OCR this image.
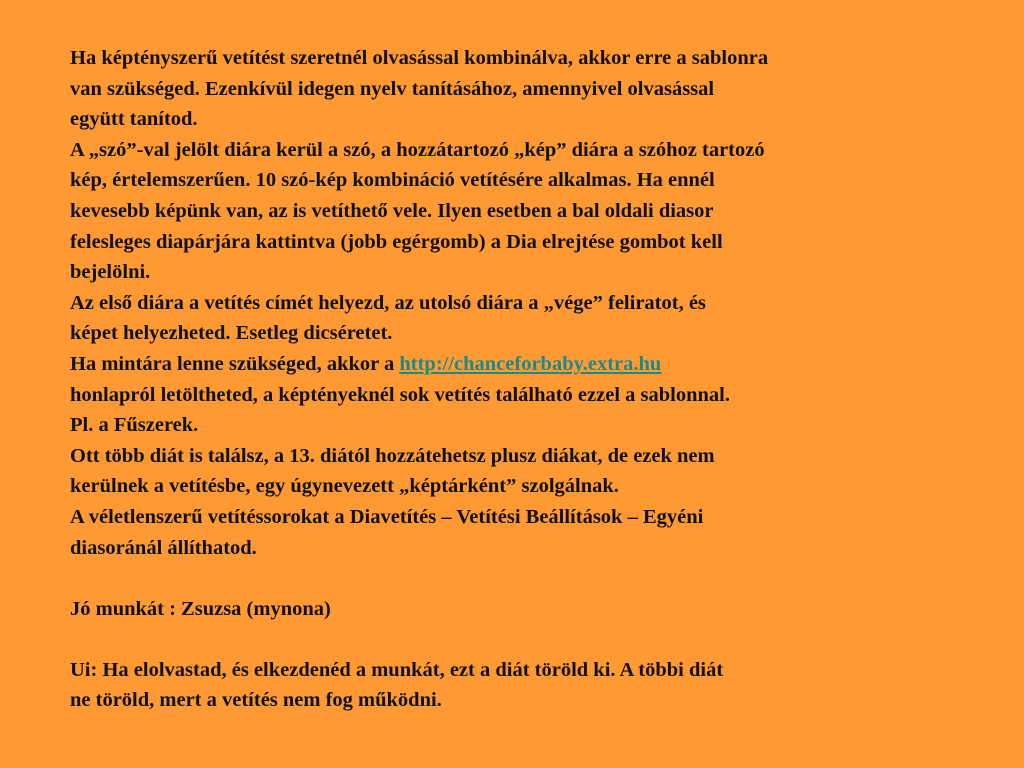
Ha képtényszerű vetítést szeretnél olvasással kombinálva, akkor erre a sablonra
van szükséged. Ezenkívül idegen nyelv tanításához, amennyivel olvasással
együtt tanítod.
A „szó”-val jelölt diára kerül a szó, a hozzátartozó „kép” diára a szóhoz tartozó
kép, értelemszerűen. 10 szó-kép kombináció vetítésére alkalmas. Ha ennél
kevesebb képünk van, az is vetíthető vele. Ilyen esetben a bal oldali diasor
felesleges diapárjára kattintva (jobb egérgomb) a Dia elrejtése gombot kell
bejelölni.
Az első diára a vetítés címét helyezd, az utolsó diára a „vége” feliratot, és
képet helyezheted. Esetleg dicséretet.
Ha mintára lenne szükséged, akkor a http://chanceforbaby.extra.hu
honlapról letöltheted, a képtényeknél sok vetítés található ezzel a sablonnal.
Pl. a Fűszerek.
Ott több diát is találsz, a 13. diától hozzátehetsz plusz diákat, de ezek nem
kerülnek a vetítésbe, egy úgynevezett „képtárként” szolgálnak.
A véletlenszerű vetítéssorokat a Diavetítés – Vetítési Beállítások – Egyéni
diasoránál állíthatod.
Jó munkát : Zsuzsa (mynona)
Ui: Ha elolvastad, és elkezdenéd a munkát, ezt a diát töröld ki. A többi diát
ne töröld, mert a vetítés nem fog működni.
